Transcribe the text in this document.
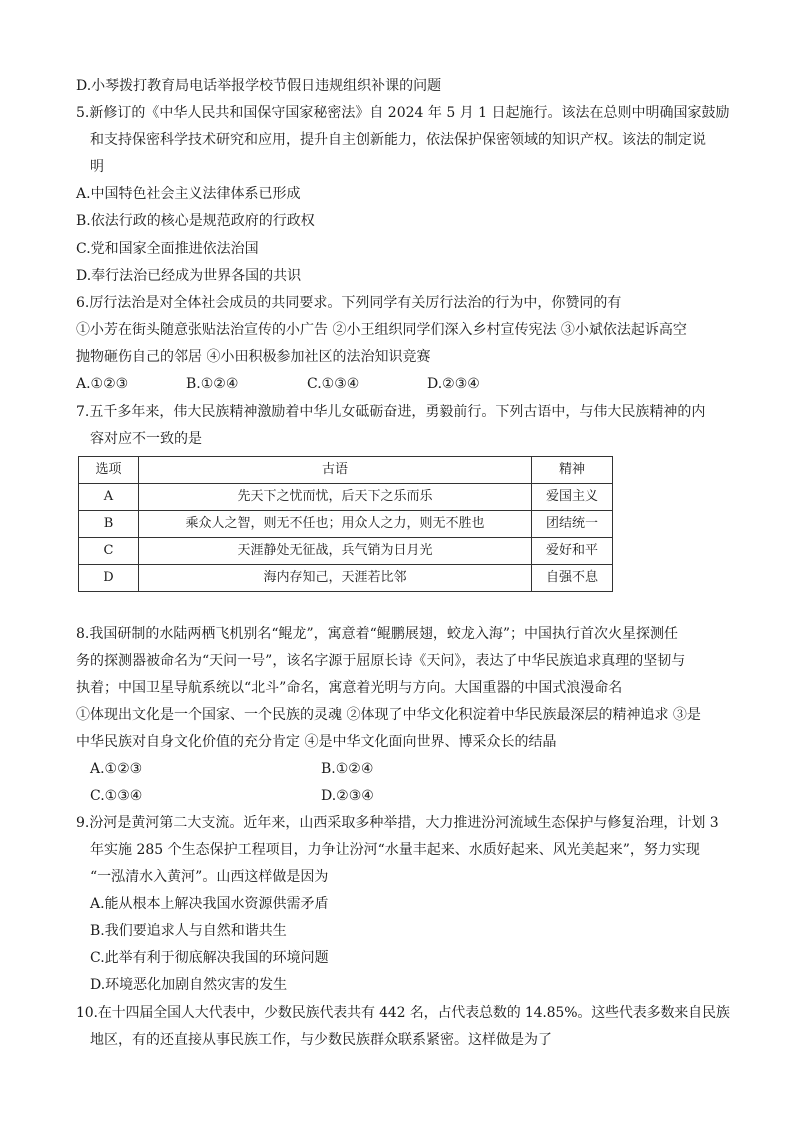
D.小琴拨打教育局电话举报学校节假日违规组织补课的问题
5.新修订的《中华人民共和国保守国家秘密法》自 2024 年 5 月 1 日起施行。该法在总则中明确国家鼓励
和支持保密科学技术研究和应用，提升自主创新能力，依法保护保密领域的知识产权。该法的制定说
明
A.中国特色社会主义法律体系已形成
B.依法行政的核心是规范政府的行政权
C.党和国家全面推进依法治国
D.奉行法治已经成为世界各国的共识
6.厉行法治是对全体社会成员的共同要求。下列同学有关厉行法治的行为中，你赞同的有
①小芳在街头随意张贴法治宣传的小广告 ②小王组织同学们深入乡村宣传宪法 ③小斌依法起诉高空
抛物砸伤自己的邻居 ④小田积极参加社区的法治知识竞赛
A.①②③	B.①②④	C.①③④	D.②③④
7.五千多年来，伟大民族精神激励着中华儿女砥砺奋进，勇毅前行。下列古语中，与伟大民族精神的内
容对应不一致的是
选项	古语	精神
A	先天下之忧而忧，后天下之乐而乐	爱国主义
B	乘众人之智，则无不任也；用众人之力，则无不胜也	团结统一
C	天涯静处无征战，兵气销为日月光	爱好和平
D	海内存知己，天涯若比邻	自强不息
8.我国研制的水陆两栖飞机别名“鲲龙”，寓意着“鲲鹏展翅，蛟龙入海”；中国执行首次火星探测任
务的探测器被命名为“天问一号”，该名字源于屈原长诗《天问》，表达了中华民族追求真理的坚韧与
执着；中国卫星导航系统以“北斗”命名，寓意着光明与方向。大国重器的中国式浪漫命名
①体现出文化是一个国家、一个民族的灵魂 ②体现了中华文化积淀着中华民族最深层的精神追求 ③是
中华民族对自身文化价值的充分肯定 ④是中华文化面向世界、博采众长的结晶
A.①②③	B.①②④
C.①③④	D.②③④
9.汾河是黄河第二大支流。近年来，山西采取多种举措，大力推进汾河流域生态保护与修复治理，计划 3
年实施 285 个生态保护工程项目，力争让汾河“水量丰起来、水质好起来、风光美起来”，努力实现
“一泓清水入黄河”。山西这样做是因为
A.能从根本上解决我国水资源供需矛盾
B.我们要追求人与自然和谐共生
C.此举有利于彻底解决我国的环境问题
D.环境恶化加剧自然灾害的发生
10.在十四届全国人大代表中，少数民族代表共有 442 名，占代表总数的 14.85%。这些代表多数来自民族
地区，有的还直接从事民族工作，与少数民族群众联系紧密。这样做是为了
